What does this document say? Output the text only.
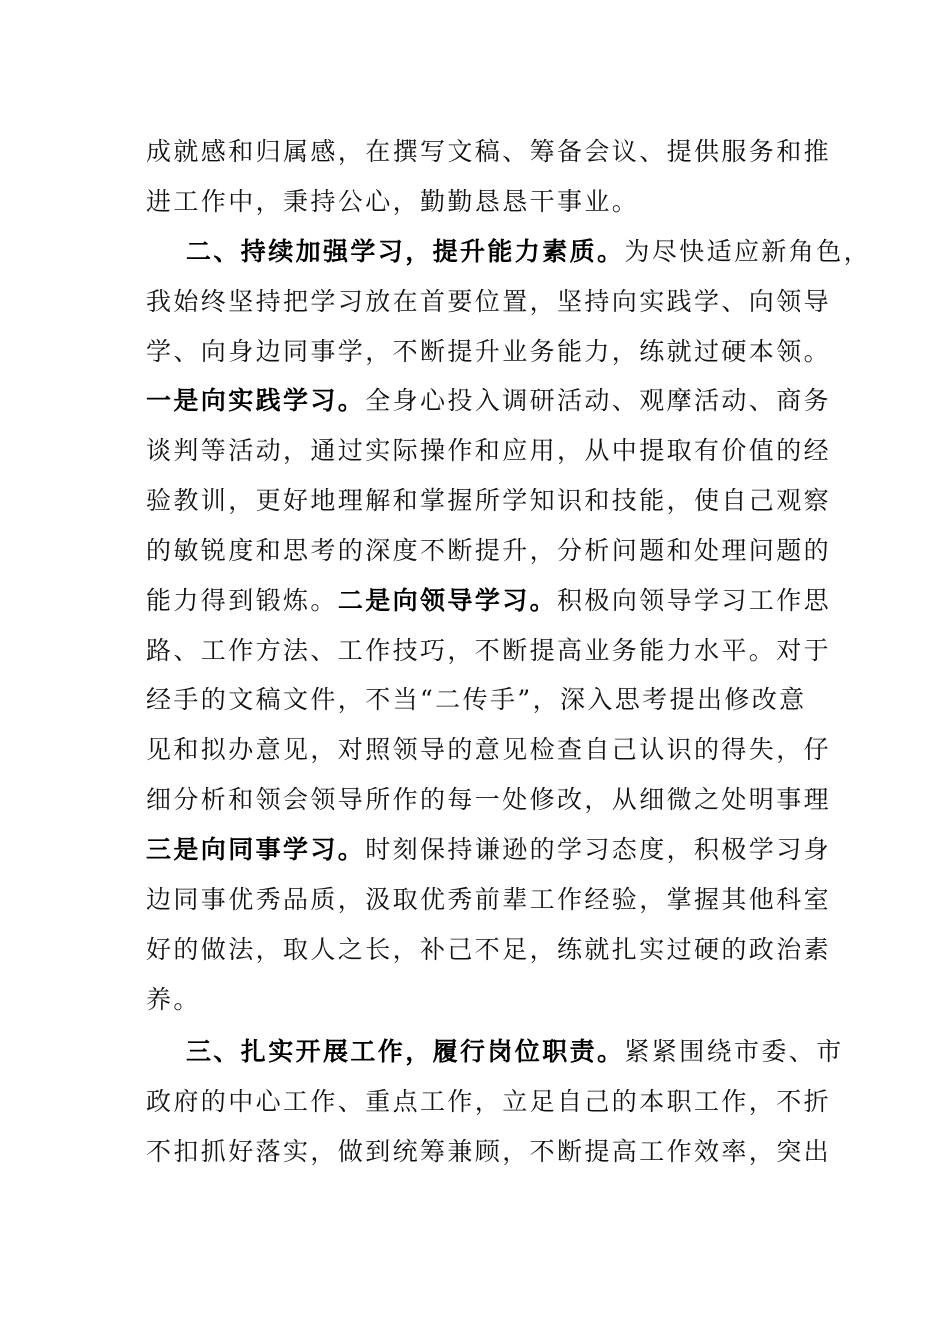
成就感和归属感，在撰写文稿、筹备会议、提供服务和推
进工作中，秉持公心，勤勤恳恳干事业。
二、持续加强学习，提升能力素质。为尽快适应新角色，
我始终坚持把学习放在首要位置，坚持向实践学、向领导
学、向身边同事学，不断提升业务能力，练就过硬本领。
一是向实践学习。全身心投入调研活动、观摩活动、商务
谈判等活动，通过实际操作和应用，从中提取有价值的经
验教训，更好地理解和掌握所学知识和技能，使自己观察
的敏锐度和思考的深度不断提升，分析问题和处理问题的
能力得到锻炼。二是向领导学习。积极向领导学习工作思
路、工作方法、工作技巧，不断提高业务能力水平。对于
经手的文稿文件，不当“二传手”，深入思考提出修改意
见和拟办意见，对照领导的意见检查自己认识的得失，仔
细分析和领会领导所作的每一处修改，从细微之处明事理
三是向同事学习。时刻保持谦逊的学习态度，积极学习身
边同事优秀品质，汲取优秀前辈工作经验，掌握其他科室
好的做法，取人之长，补己不足，练就扎实过硬的政治素
养。
三、扎实开展工作，履行岗位职责。紧紧围绕市委、市
政府的中心工作、重点工作，立足自己的本职工作，不折
不扣抓好落实，做到统筹兼顾，不断提高工作效率，突出
